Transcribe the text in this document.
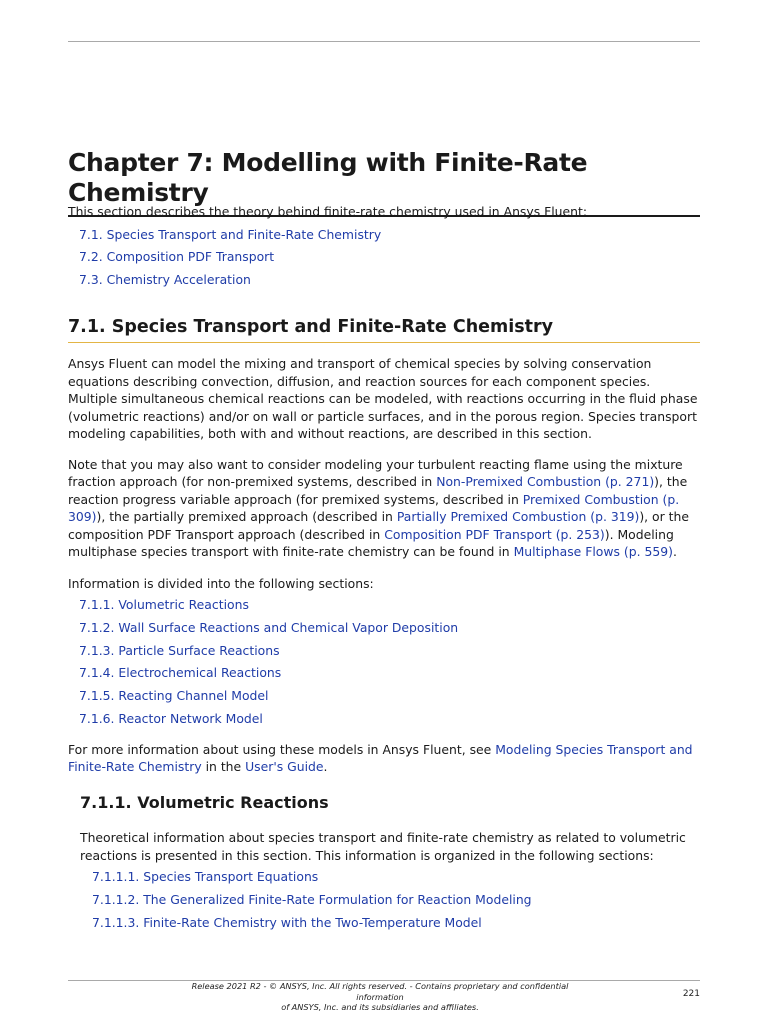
Chapter 7: Modelling with Finite-Rate Chemistry

This section describes the theory behind finite-rate chemistry used in Ansys Fluent:

7.1. Species Transport and Finite-Rate Chemistry
7.2. Composition PDF Transport
7.3. Chemistry Acceleration
7.1. Species Transport and Finite-Rate Chemistry

Ansys Fluent can model the mixing and transport of chemical species by solving conservation equations describing convection, diffusion, and reaction sources for each component species. Multiple simultaneous chemical reactions can be modeled, with reactions occurring in the fluid phase (volumetric reactions) and/or on wall or particle surfaces, and in the porous region. Species transport modeling capabilities, both with and without reactions, are described in this section.

Note that you may also want to consider modeling your turbulent reacting flame using the mixture fraction approach (for non-premixed systems, described in Non-Premixed Combustion (p. 271)), the reaction progress variable approach (for premixed systems, described in Premixed Combustion (p. 309)), the partially premixed approach (described in Partially Premixed Combustion (p. 319)), or the composition PDF Transport approach (described in Composition PDF Transport (p. 253)). Modeling multiphase species transport with finite-rate chemistry can be found in Multiphase Flows (p. 559).

Information is divided into the following sections:

7.1.1. Volumetric Reactions
7.1.2. Wall Surface Reactions and Chemical Vapor Deposition
7.1.3. Particle Surface Reactions
7.1.4. Electrochemical Reactions
7.1.5. Reacting Channel Model
7.1.6. Reactor Network Model

For more information about using these models in Ansys Fluent, see Modeling Species Transport and Finite-Rate Chemistry in the User's Guide.

7.1.1. Volumetric Reactions

Theoretical information about species transport and finite-rate chemistry as related to volumetric reactions is presented in this section. This information is organized in the following sections:

7.1.1.1. Species Transport Equations
7.1.1.2. The Generalized Finite-Rate Formulation for Reaction Modeling
7.1.1.3. Finite-Rate Chemistry with the Two-Temperature Model
Release 2021 R2 - © ANSYS, Inc. All rights reserved. - Contains proprietary and confidential information
of ANSYS, Inc. and its subsidiaries and affiliates.
221
